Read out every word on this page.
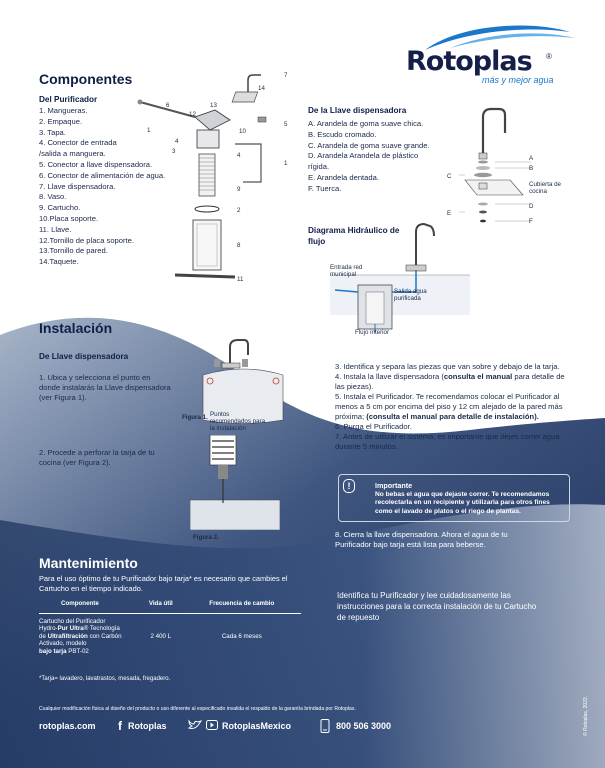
Rotoplas ®
más y mejor agua
Componentes
Del Purificador
1. Mangueras.
2. Empaque.
3. Tapa.
4. Conector de entrada
/salida a manguera.
5. Conector a llave dispensadora.
6. Conector de alimentación de agua.
7. Llave dispensadora.
8. Vaso.
9. Cartucho.
10.Placa soporte.
11. Llave.
12.Tornillo de placa soporte.
13.Tornillo de pared.
14.Taquete.
De la Llave dispensadora
A. Arandela de goma suave chica.
B. Escudo cromado.
C. Arandela de goma suave grande.
D. Arandela Arandela de plástico
rígida.
E. Arandela dentada.
F. Tuerca.
A
B
C
Cubierta de cocina
D
E
F
Diagrama Hidráulico de flujo
Entrada red municipal
Salida agua purificada
Flujo interior
Instalación
De Llave dispensadora
1. Ubica y selecciona el punto en donde instalarás la Llave dispensadora (ver Figura 1).
2. Procede a perforar la tarja de tu cocina (ver Figura 2).
Figura 1. Puntos recomendados para la instalación
Figura 2.
3. Identifica y separa las piezas que van sobre y debajo de la tarja.
4. Instala la llave dispensadora (consulta el manual para detalle de las piezas).
5. Instala el Purificador. Te recomendamos colocar el Purificador al menos a 5 cm por encima del piso y 12 cm alejado de la pared más próxima; (consulta el manual para detalle de instalación).
6. Purga el Purificador.
7. Antes de utilizar el sistema, es importante que dejes correr agua durante 5 minutos.
!	Importante
No bebas el agua que dejaste correr. Te recomendamos recolectarla en un recipiente y utilizarla para otros fines como el lavado de platos o el riego de plantas.
8. Cierra la llave dispensadora. Ahora el agua de tu Purificador bajo tarja está lista para beberse.
Mantenimiento
Para el uso óptimo de tu Purificador bajo tarja* es necesario que cambies el Cartucho en el tiempo indicado.
Componente	Vida útil	Frecuencia de cambio

Cartucho del Purificador
Hydro-Pur Ultra® Tecnología
de Ultrafiltración con Carbón
Activado, modelo
bajo tarja PBT-02	2 400 L	Cada 6 meses
*Tarja= lavadero, lavatrastos, mesada, fregadero.
Identifica tu Purificador y lee cuidadosamente las instrucciones para la correcta instalación de tu Cartucho de repuesto
Cualquier modificación física al diseño del producto o uso diferente al especificado invalida el respaldo de la garantía brindada por Rotoplas.
rotoplas.com f Rotoplas	RotoplasMexico	800 506 3000	© Rotoplas, 2023.
7
14
6	13
12
1
4
3
10
5
4
1
9
2
8
11
